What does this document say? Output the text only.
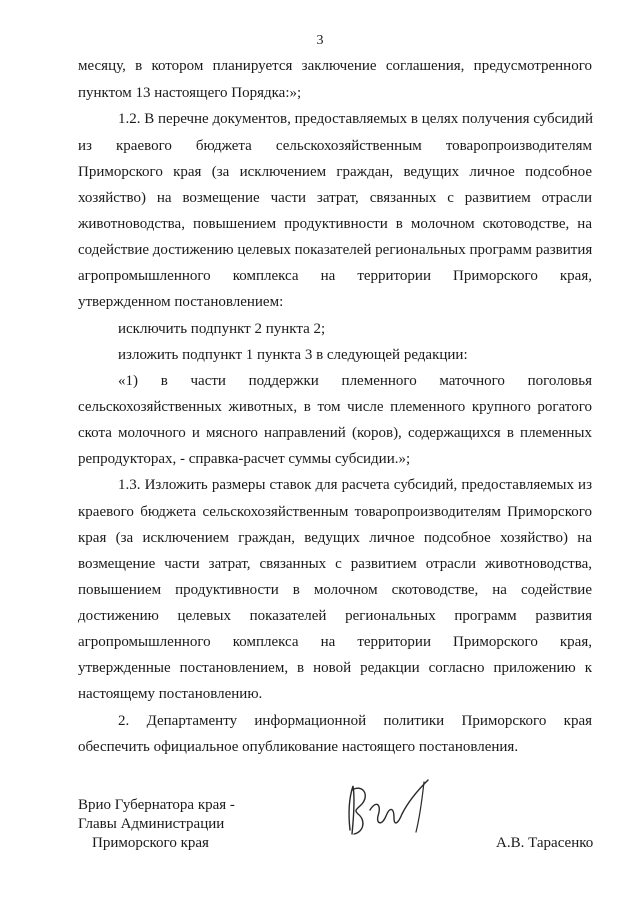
3
месяцу, в котором планируется заключение соглашения, предусмотренного
пунктом 13 настоящего Порядка:»;
1.2. В перечне документов, предоставляемых в целях получения субсидий
из краевого бюджета сельскохозяйственным товаропроизводителям
Приморского края (за исключением граждан, ведущих личное подсобное
хозяйство) на возмещение части затрат, связанных с развитием отрасли
животноводства, повышением продуктивности в молочном скотоводстве, на
содействие достижению целевых показателей региональных программ развития
агропромышленного комплекса на территории Приморского края,
утвержденном постановлением:
исключить подпункт 2 пункта 2;
изложить подпункт 1 пункта 3 в следующей редакции:
«1) в части поддержки племенного маточного поголовья
сельскохозяйственных животных, в том числе племенного крупного рогатого
скота молочного и мясного направлений (коров), содержащихся в племенных
репродукторах, - справка-расчет суммы субсидии.»;
1.3. Изложить размеры ставок для расчета субсидий, предоставляемых из
краевого бюджета сельскохозяйственным товаропроизводителям Приморского
края (за исключением граждан, ведущих личное подсобное хозяйство) на
возмещение части затрат, связанных с развитием отрасли животноводства,
повышением продуктивности в молочном скотоводстве, на содействие
достижению целевых показателей региональных программ развития
агропромышленного комплекса на территории Приморского края,
утвержденные постановлением, в новой редакции согласно приложению к
настоящему постановлению.
2. Департаменту информационной политики Приморского края
обеспечить официальное опубликование настоящего постановления.
Врио Губернатора края -
Главы Администрации
Приморского края	А.В. Тарасенко
